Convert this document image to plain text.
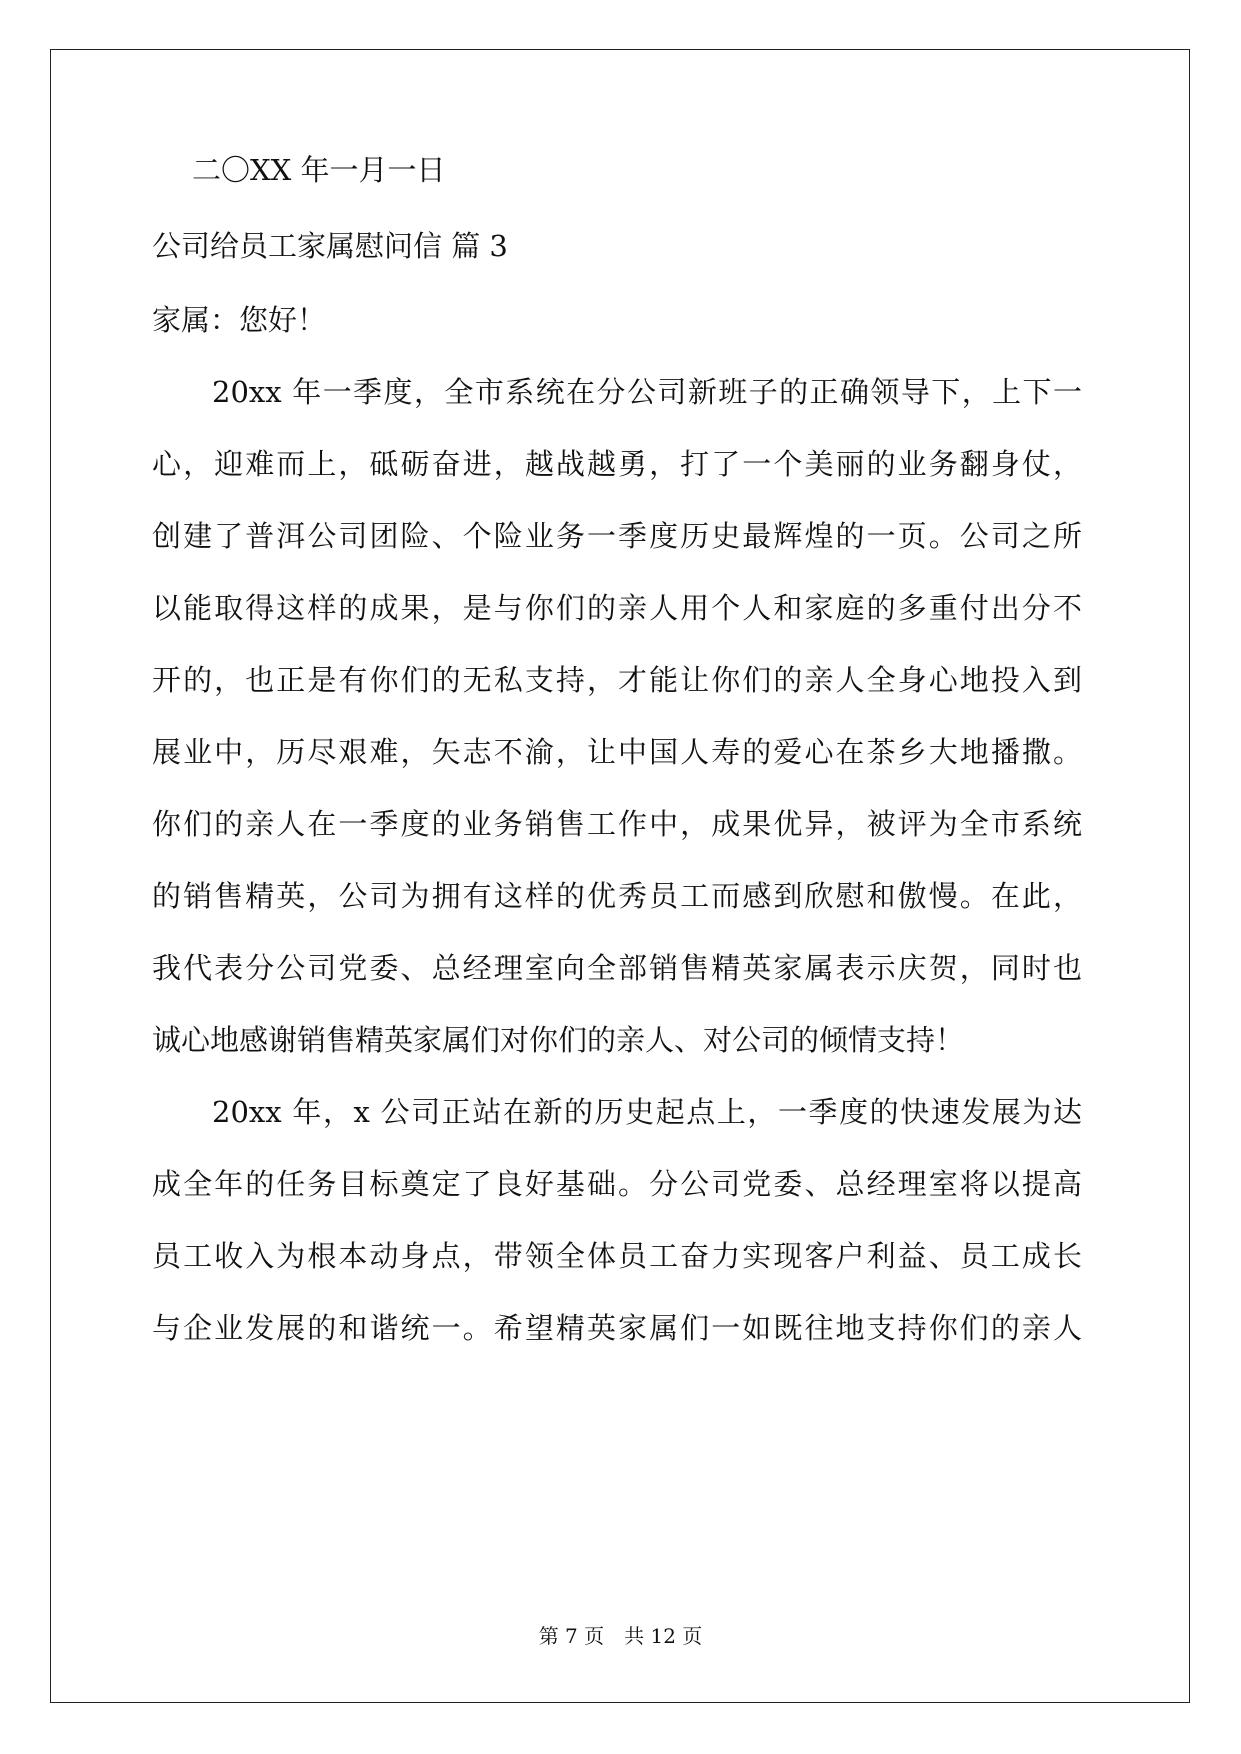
二〇XX 年一月一日
公司给员工家属慰问信 篇 3
家属：您好！
20xx 年一季度，全市系统在分公司新班子的正确领导下，上下一
心，迎难而上，砥砺奋进，越战越勇，打了一个美丽的业务翻身仗，
创建了普洱公司团险、个险业务一季度历史最辉煌的一页。公司之所
以能取得这样的成果，是与你们的亲人用个人和家庭的多重付出分不
开的，也正是有你们的无私支持，才能让你们的亲人全身心地投入到
展业中，历尽艰难，矢志不渝，让中国人寿的爱心在茶乡大地播撒。
你们的亲人在一季度的业务销售工作中，成果优异，被评为全市系统
的销售精英，公司为拥有这样的优秀员工而感到欣慰和傲慢。在此，
我代表分公司党委、总经理室向全部销售精英家属表示庆贺，同时也
诚心地感谢销售精英家属们对你们的亲人、对公司的倾情支持！
20xx 年，x 公司正站在新的历史起点上，一季度的快速发展为达
成全年的任务目标奠定了良好基础。分公司党委、总经理室将以提高
员工收入为根本动身点，带领全体员工奋力实现客户利益、员工成长
与企业发展的和谐统一。希望精英家属们一如既往地支持你们的亲人
第 7 页 共 12 页
